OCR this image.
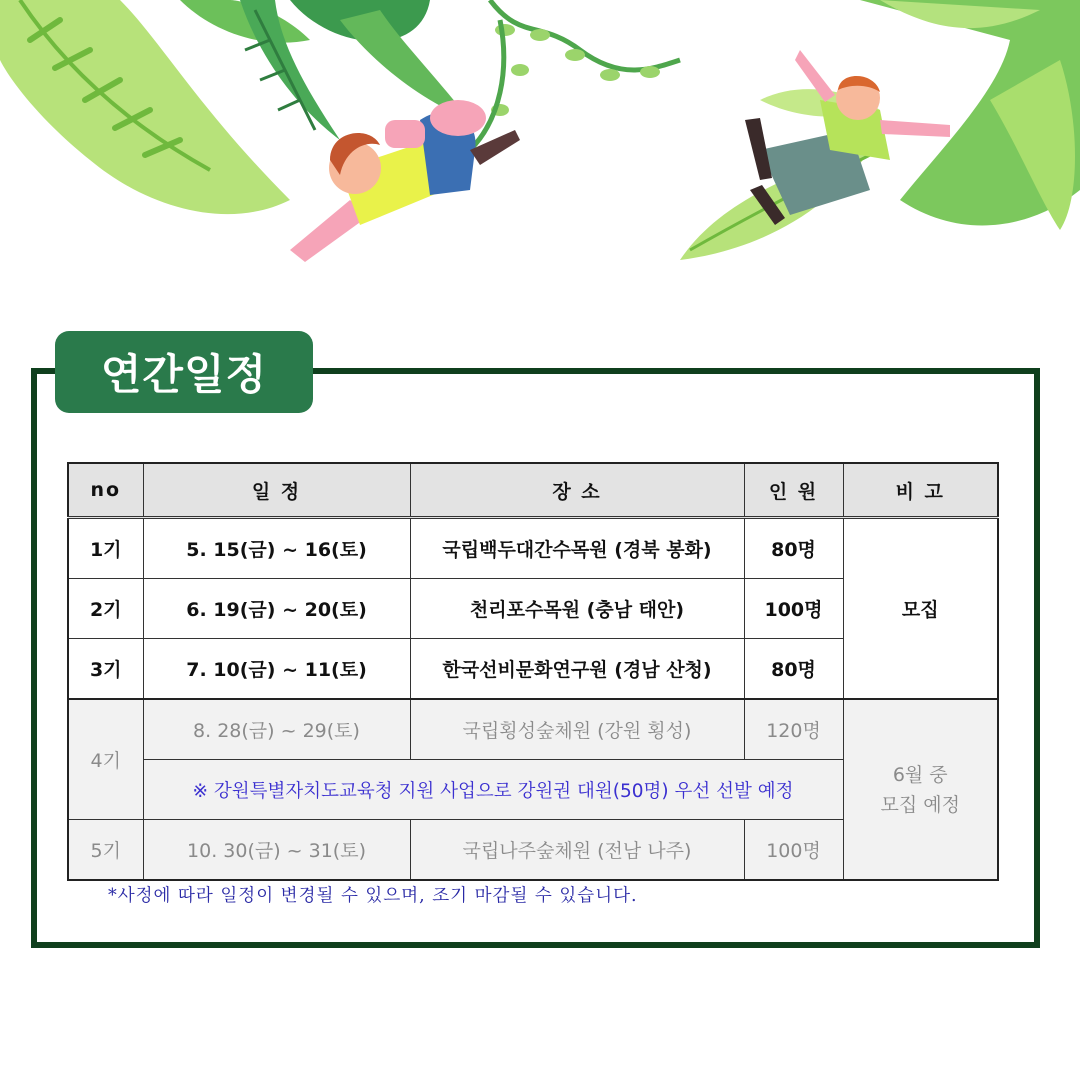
연간일정
no	일 정	장 소	인 원	비 고
1기	5. 15(금) ~ 16(토)	국립백두대간수목원 (경북 봉화)	80명	모집
2기	6. 19(금) ~ 20(토)	천리포수목원 (충남 태안)	100명	
3기	7. 10(금) ~ 11(토)	한국선비문화연구원 (경남 산청)	80명	
4기	8. 28(금) ~ 29(토)	국립횡성숲체원 (강원 횡성)	120명	6월 중
모집 예정

	※ 강원특별자치도교육청 지원 사업으로 강원권 대원(50명) 우선 선발 예정			
5기	10. 30(금) ~ 31(토)	국립나주숲체원 (전남 나주)	100명	
*사정에 따라 일정이 변경될 수 있으며, 조기 마감될 수 있습니다.
